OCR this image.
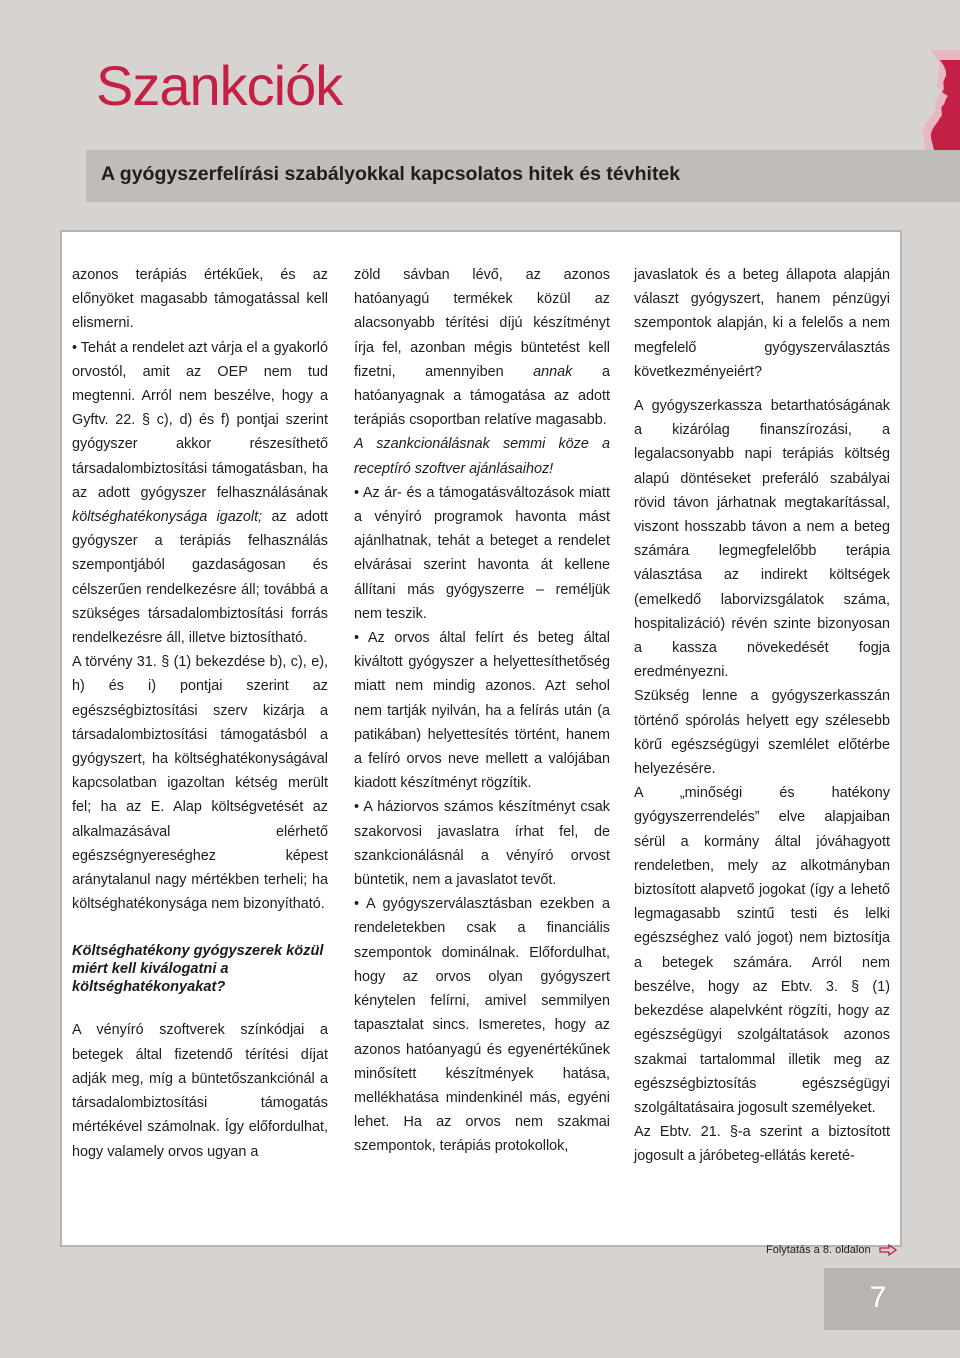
Szankciók
A gyógyszerfelírási szabályokkal kapcsolatos hitek és tévhitek

azonos terápiás értékűek, és az előnyöket magasabb támogatással kell elismerni.

• Tehát a rendelet azt várja el a gyakorló orvostól, amit az OEP nem tud megtenni. Arról nem beszélve, hogy a Gyftv. 22. § c), d) és f) pontjai szerint gyógyszer akkor részesíthető társadalombiztosítási támogatásban, ha az adott gyógyszer felhasználásának költséghatékonysága igazolt; az adott gyógyszer a terápiás felhasználás szempontjából gazdaságosan és célszerűen rendelkezésre áll; továbbá a szükséges társadalombiztosítási forrás rendelkezésre áll, illetve biztosítható.

A törvény 31. § (1) bekezdése b), c), e), h) és i) pontjai szerint az egészségbiztosítási szerv kizárja a társadalombiztosítási támogatásból a gyógyszert, ha költséghatékonyságával kapcsolatban igazoltan kétség merült fel; ha az E. Alap költségvetését az alkalmazásával elérhető egészségnyereséghez képest aránytalanul nagy mértékben terheli; ha költséghatékonysága nem bizonyítható.

Költséghatékony gyógyszerek közül miért kell kiválogatni a költséghatékonyakat?

A vényíró szoftverek színkódjai a betegek által fizetendő térítési díjat adják meg, míg a büntetőszankciónál a társadalombiztosítási támogatás mértékével számolnak. Így előfordulhat, hogy valamely orvos ugyan a

zöld sávban lévő, az azonos hatóanyagú termékek közül az alacsonyabb térítési díjú készítményt írja fel, azonban mégis büntetést kell fizetni, amennyiben annak a hatóanyagnak a támogatása az adott terápiás csoportban relatíve magasabb.

A szankcionálásnak semmi köze a receptíró szoftver ajánlásaihoz!

• Az ár- és a támogatásváltozások miatt a vényíró programok havonta mást ajánlhatnak, tehát a beteget a rendelet elvárásai szerint havonta át kellene állítani más gyógyszerre – reméljük nem teszik.

• Az orvos által felírt és beteg által kiváltott gyógyszer a helyettesíthetőség miatt nem mindig azonos. Azt sehol nem tartják nyilván, ha a felírás után (a patikában) helyettesítés történt, hanem a felíró orvos neve mellett a valójában kiadott készítményt rögzítik.

• A háziorvos számos készítményt csak szakorvosi javaslatra írhat fel, de szankcionálásnál a vényíró orvost büntetik, nem a javaslatot tevőt.

• A gyógyszerválasztásban ezekben a rendeletekben csak a financiális szempontok dominálnak. Előfordulhat, hogy az orvos olyan gyógyszert kénytelen felírni, amivel semmilyen tapasztalat sincs. Ismeretes, hogy az azonos hatóanyagú és egyenértékűnek minősített készítmények hatása, mellékhatása mindenkinél más, egyéni lehet. Ha az orvos nem szakmai szempontok, terápiás protokollok,

javaslatok és a beteg állapota alapján választ gyógyszert, hanem pénzügyi szempontok alapján, ki a felelős a nem megfelelő gyógyszerválasztás következményeiért?

A gyógyszerkassza betarthatóságának a kizárólag finanszírozási, a legalacsonyabb napi terápiás költség alapú döntéseket preferáló szabályai rövid távon járhatnak megtakarítással, viszont hosszabb távon a nem a beteg számára legmegfelelőbb terápia választása az indirekt költségek (emelkedő laborvizsgálatok száma, hospitalizáció) révén szinte bizonyosan a kassza növekedését fogja eredményezni.

Szükség lenne a gyógyszerkasszán történő spórolás helyett egy szélesebb körű egészségügyi szemlélet előtérbe helyezésére.

A „minőségi és hatékony gyógyszerrendelés” elve alapjaiban sérül a kormány által jóváhagyott rendeletben, mely az alkotmányban biztosított alapvető jogokat (így a lehető legmagasabb szintű testi és lelki egészséghez való jogot) nem biztosítja a betegek számára. Arról nem beszélve, hogy az Ebtv. 3. § (1) bekezdése alapelvként rögzíti, hogy az egészségügyi szolgáltatások azonos szakmai tartalommal illetik meg az egészségbiztosítás egészségügyi szolgáltatásaira jogosult személyeket.

Az Ebtv. 21. §-a szerint a biztosított jogosult a járóbeteg-ellátás kereté-

Folytatás a 8. oldalon
7
